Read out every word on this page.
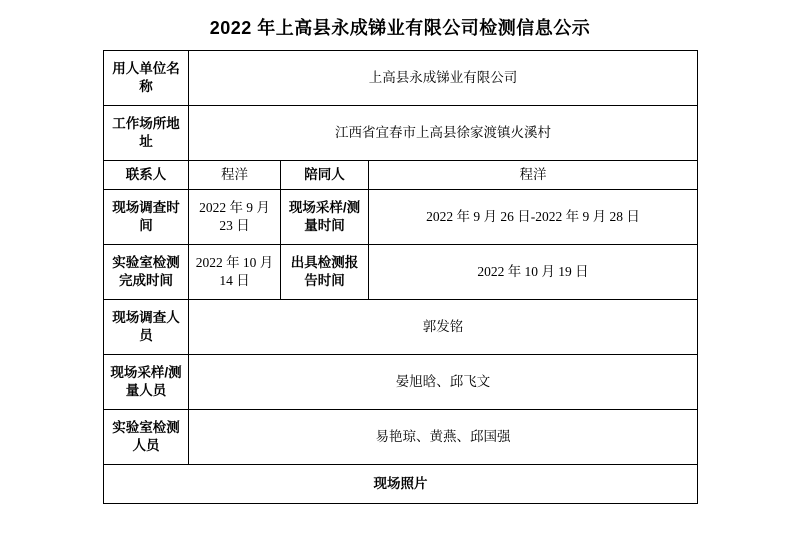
2022 年上高县永成锑业有限公司检测信息公示
用人单位名称	上高县永成锑业有限公司		
工作场所地址	江西省宜春市上高县徐家渡镇火溪村		
联系人	程洋	陪同人	程洋
现场调查时间	2022 年 9 月 23 日	现场采样/测量时间	2022 年 9 月 26 日-2022 年 9 月 28 日
实验室检测完成时间	2022 年 10 月 14 日	出具检测报告时间	2022 年 10 月 19 日
现场调查人员	郭发铭		
现场采样/测量人员	晏旭晗、邱飞文		
实验室检测人员	易艳琼、黄燕、邱国强		
现场照片			
